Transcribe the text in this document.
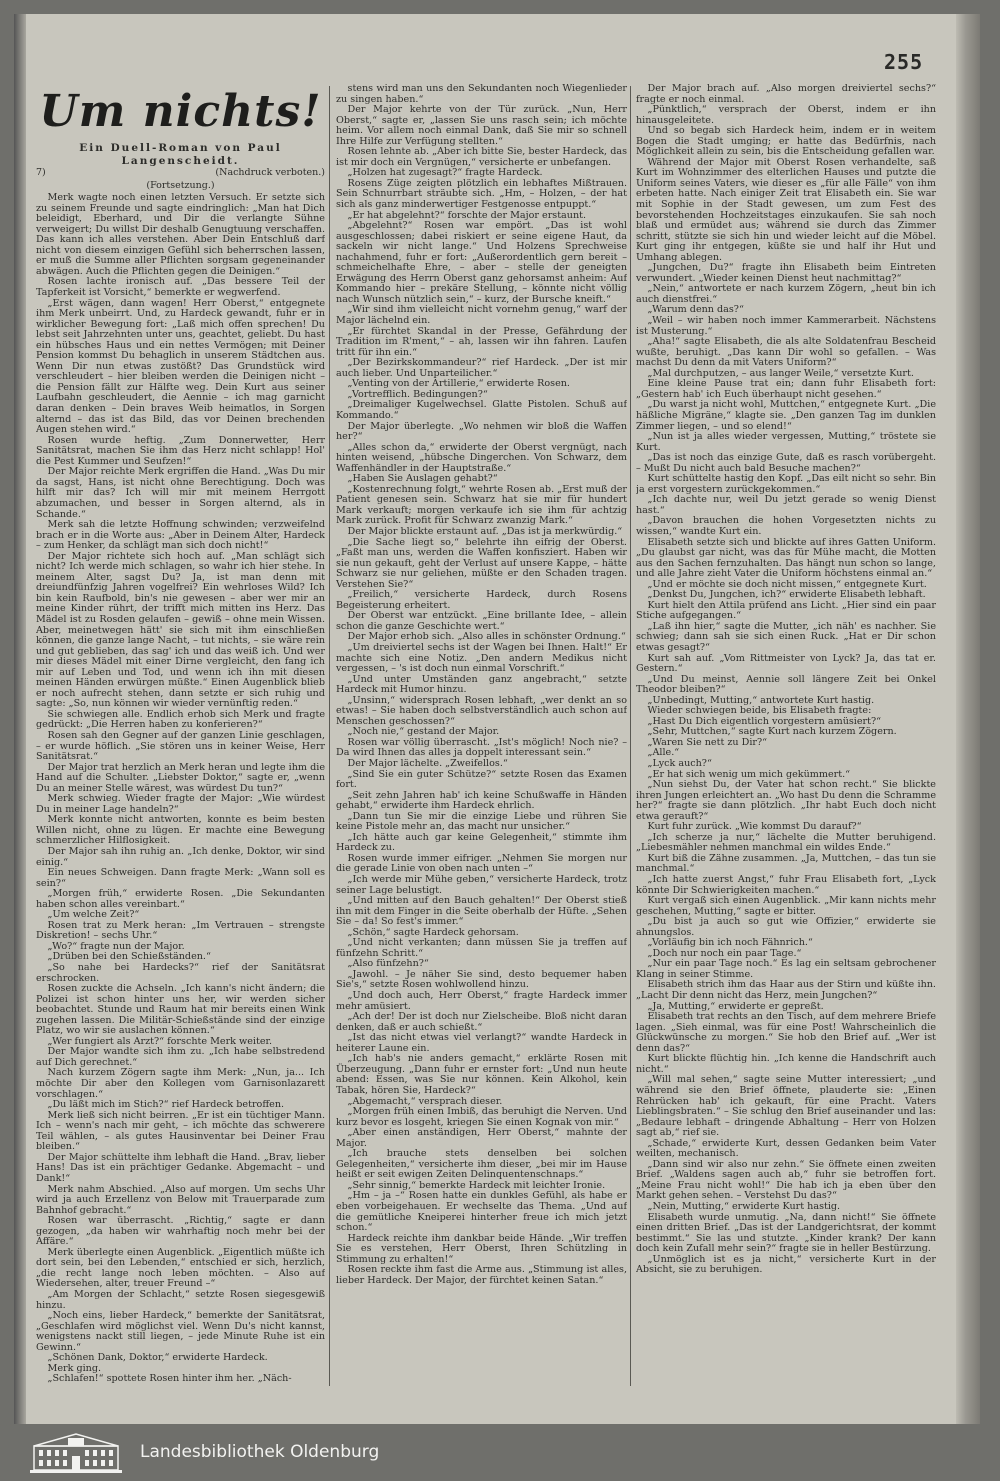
255
Um nichts!
Ein Duell-Roman von Paul Langenscheidt.
7)	(Nachdruck verboten.)
(Fortsetzung.)

Merk wagte noch einen letzten Versuch. Er setzte sich zu seinem Freunde und sagte eindringlich: „Man hat Dich beleidigt, Eberhard, und Dir die verlangte Sühne verweigert; Du willst Dir deshalb Genugtuung verschaffen. Das kann ich alles verstehen. Aber Dein Entschluß darf nicht von diesem einzigen Gefühl sich beherrschen lassen, er muß die Summe aller Pflichten sorgsam gegeneinander abwägen. Auch die Pflichten gegen die Deinigen.“

Rosen lachte ironisch auf. „Das bessere Teil der Tapferkeit ist Vorsicht,“ bemerkte er wegwerfend.

„Erst wägen, dann wagen! Herr Oberst,“ entgegnete ihm Merk unbeirrt. Und, zu Hardeck gewandt, fuhr er in wirklicher Bewegung fort: „Laß mich offen sprechen! Du lebst seit Jahrzehnten unter uns, geachtet, geliebt. Du hast ein hübsches Haus und ein nettes Vermögen; mit Deiner Pension kommst Du behaglich in unserem Städtchen aus. Wenn Dir nun etwas zustößt? Das Grundstück wird verschleudert – hier bleiben werden die Deinigen nicht – die Pension fällt zur Hälfte weg. Dein Kurt aus seiner Laufbahn geschleudert, die Aennie – ich mag garnicht daran denken – Dein braves Weib heimatlos, in Sorgen alternd – das ist das Bild, das vor Deinen brechenden Augen stehen wird.“

Rosen wurde heftig. „Zum Donnerwetter, Herr Sanitätsrat, machen Sie ihm das Herz nicht schlapp! Hol' die Pest Kummer und Seufzen!“

Der Major reichte Merk ergriffen die Hand. „Was Du mir da sagst, Hans, ist nicht ohne Berechtigung. Doch was hilft mir das? Ich will mir mit meinem Herrgott abzumachen, und besser in Sorgen alternd, als in Schande.“

Merk sah die letzte Hoffnung schwinden; verzweifelnd brach er in die Worte aus: „Aber in Deinem Alter, Hardeck – zum Henker, da schlägt man sich doch nicht!“

Der Major richtete sich hoch auf. „Man schlägt sich nicht? Ich werde mich schlagen, so wahr ich hier stehe. In meinem Alter, sagst Du? Ja, ist man denn mit dreiundfünfzig Jahren vogelfrei? Ein wehrloses Wild? Ich bin kein Raufbold, bin's nie gewesen – aber wer mir an meine Kinder rührt, der trifft mich mitten ins Herz. Das Mädel ist zu Rosden gelaufen – gewiß – ohne mein Wissen. Aber, meinetwegen hätt' sie sich mit ihm einschließen können, die ganze lange Nacht, – tut nichts, – sie wäre rein und gut geblieben, das sag' ich und das weiß ich. Und wer mir dieses Mädel mit einer Dirne vergleicht, den fang ich mir auf Leben und Tod, und wenn ich ihn mit diesen meinen Händen erwürgen müßte.“ Einen Augenblick blieb er noch aufrecht stehen, dann setzte er sich ruhig und sagte: „So, nun können wir wieder vernünftig reden.“

Sie schwiegen alle. Endlich erhob sich Merk und fragte gedrückt: „Die Herren haben zu konferieren?“

Rosen sah den Gegner auf der ganzen Linie geschlagen, – er wurde höflich. „Sie stören uns in keiner Weise, Herr Sanitätsrat.“

Der Major trat herzlich an Merk heran und legte ihm die Hand auf die Schulter. „Liebster Doktor,“ sagte er, „wenn Du an meiner Stelle wärest, was würdest Du tun?“

Merk schwieg. Wieder fragte der Major: „Wie würdest Du in meiner Lage handeln?“

Merk konnte nicht antworten, konnte es beim besten Willen nicht, ohne zu lügen. Er machte eine Bewegung schmerzlicher Hilflosigkeit.

Der Major sah ihn ruhig an. „Ich denke, Doktor, wir sind einig.“

Ein neues Schweigen. Dann fragte Merk: „Wann soll es sein?“

„Morgen früh,“ erwiderte Rosen. „Die Sekundanten haben schon alles vereinbart.“

„Um welche Zeit?“

Rosen trat zu Merk heran: „Im Vertrauen – strengste Diskretion! – sechs Uhr.“

„Wo?“ fragte nun der Major.

„Drüben bei den Schießständen.“

„So nahe bei Hardecks?“ rief der Sanitätsrat erschrocken.

Rosen zuckte die Achseln. „Ich kann's nicht ändern; die Polizei ist schon hinter uns her, wir werden sicher beobachtet. Stunde und Raum hat mir bereits einen Wink zugehen lassen. Die Militär-Schießstände sind der einzige Platz, wo wir sie auslachen können.“

„Wer fungiert als Arzt?“ forschte Merk weiter.

Der Major wandte sich ihm zu. „Ich habe selbstredend auf Dich gerechnet.“

Nach kurzem Zögern sagte ihm Merk: „Nun, ja... Ich möchte Dir aber den Kollegen vom Garnisonlazarett vorschlagen.“

„Du läßt mich im Stich?“ rief Hardeck betroffen.

Merk ließ sich nicht beirren. „Er ist ein tüchtiger Mann. Ich – wenn's nach mir geht, – ich möchte das schwerere Teil wählen, – als gutes Hausinventar bei Deiner Frau bleiben.“

Der Major schüttelte ihm lebhaft die Hand. „Brav, lieber Hans! Das ist ein prächtiger Gedanke. Abgemacht – und Dank!“

Merk nahm Abschied. „Also auf morgen. Um sechs Uhr wird ja auch Erzellenz von Below mit Trauerparade zum Bahnhof gebracht.“

Rosen war überrascht. „Richtig,“ sagte er dann gezogen, „da haben wir wahrhaftig noch mehr bei der Affäre.“

Merk überlegte einen Augenblick. „Eigentlich müßte ich dort sein, bei den Lebenden,“ entschied er sich, herzlich, „die recht lange noch leben möchten. – Also auf Wiedersehen, alter, treuer Freund –“

„Am Morgen der Schlacht,“ setzte Rosen siegesgewiß hinzu.

„Noch eins, lieber Hardeck,“ bemerkte der Sanitätsrat, „Geschlafen wird möglichst viel. Wenn Du's nicht kannst, wenigstens nackt still liegen, – jede Minute Ruhe ist ein Gewinn.“

„Schönen Dank, Doktor,“ erwiderte Hardeck.

Merk ging.

„Schlafen!“ spottete Rosen hinter ihm her. „Näch-

stens wird man uns den Sekundanten noch Wiegenlieder zu singen haben.“

Der Major kehrte von der Tür zurück. „Nun, Herr Oberst,“ sagte er, „lassen Sie uns rasch sein; ich möchte heim. Vor allem noch einmal Dank, daß Sie mir so schnell Ihre Hilfe zur Verfügung stellten.“

Rosen lehnte ab. „Aber ich bitte Sie, bester Hardeck, das ist mir doch ein Vergnügen,“ versicherte er unbefangen.

„Holzen hat zugesagt?“ fragte Hardeck.

Rosens Züge zeigten plötzlich ein lebhaftes Mißtrauen. Sein Schnurrbart sträubte sich. „Hm, – Holzen, – der hat sich als ganz minderwertiger Festgenosse entpuppt.“

„Er hat abgelehnt?“ forschte der Major erstaunt.

„Abgelehnt?“ Rosen war empört. „Das ist wohl ausgeschlossen; dabei riskiert er seine eigene Haut, da sackeln wir nicht lange.“ Und Holzens Sprechweise nachahmend, fuhr er fort: „Außerordentlich gern bereit – schmeichelhafte Ehre, – aber – stelle der geneigten Erwägung des Herrn Oberst ganz gehorsamst anheim: Auf Kommando hier – prekäre Stellung, – könnte nicht völlig nach Wunsch nützlich sein,“ – kurz, der Bursche kneift.“

„Wir sind ihm vielleicht nicht vornehm genug,“ warf der Major lächelnd ein.

„Er fürchtet Skandal in der Presse, Gefährdung der Tradition im R'ment,“ – ah, lassen wir ihn fahren. Laufen tritt für ihn ein.“

„Der Bezirkskommandeur?“ rief Hardeck. „Der ist mir auch lieber. Und Unparteilicher.“

„Venting von der Artillerie,“ erwiderte Rosen.

„Vortrefflich. Bedingungen?“

„Dreimaliger Kugelwechsel. Glatte Pistolen. Schuß auf Kommando.“

Der Major überlegte. „Wo nehmen wir bloß die Waffen her?“

„Alles schon da,“ erwiderte der Oberst vergnügt, nach hinten weisend, „hübsche Dingerchen. Von Schwarz, dem Waffenhändler in der Hauptstraße.“

„Haben Sie Auslagen gehabt?“

„Kostenrechnung folgt,“ wehrte Rosen ab. „Erst muß der Patient genesen sein. Schwarz hat sie mir für hundert Mark verkauft; morgen verkaufe ich sie ihm für achtzig Mark zurück. Profit für Schwarz zwanzig Mark.“

Der Major blickte erstaunt auf. „Das ist ja merkwürdig.“

„Die Sache liegt so,“ belehrte ihn eifrig der Oberst. „Faßt man uns, werden die Waffen konfisziert. Haben wir sie nun gekauft, geht der Verlust auf unsere Kappe, – hätte Schwarz sie nur geliehen, müßte er den Schaden tragen. Verstehen Sie?“

„Freilich,“ versicherte Hardeck, durch Rosens Begeisterung erheitert.

Der Oberst war entzückt. „Eine brillante Idee, – allein schon die ganze Geschichte wert.“

Der Major erhob sich. „Also alles in schönster Ordnung.“

„Um dreiviertel sechs ist der Wagen bei Ihnen. Halt!“ Er machte sich eine Notiz. „Den andern Medikus nicht vergessen, – 's ist doch nun einmal Vorschrift.“

„Und unter Umständen ganz angebracht,“ setzte Hardeck mit Humor hinzu.

„Unsinn,“ widersprach Rosen lebhaft, „wer denkt an so etwas! – Sie haben doch selbstverständlich auch schon auf Menschen geschossen?“

„Noch nie,“ gestand der Major.

Rosen war völlig überrascht. „Ist's möglich! Noch nie? – Da wird Ihnen das alles ja doppelt interessant sein.“

Der Major lächelte. „Zweifellos.“

„Sind Sie ein guter Schütze?“ setzte Rosen das Examen fort.

„Seit zehn Jahren hab' ich keine Schußwaffe in Händen gehabt,“ erwiderte ihm Hardeck ehrlich.

„Dann tun Sie mir die einzige Liebe und rühren Sie keine Pistole mehr an, das macht nur unsicher.“

„Ich hätte auch gar keine Gelegenheit,“ stimmte ihm Hardeck zu.

Rosen wurde immer eifriger. „Nehmen Sie morgen nur die gerade Linie von oben nach unten –“

„Ich werde mir Mühe geben,“ versicherte Hardeck, trotz seiner Lage belustigt.

„Und mitten auf den Bauch gehalten!“ Der Oberst stieß ihn mit dem Finger in die Seite oberhalb der Hüfte. „Sehen Sie – da! So fest's immer.“

„Schön,“ sagte Hardeck gehorsam.

„Und nicht verkanten; dann müssen Sie ja treffen auf fünfzehn Schritt.“

„Also fünfzehn?“

„Jawohl. – Je näher Sie sind, desto bequemer haben Sie's,“ setzte Rosen wohlwollend hinzu.

„Und doch auch, Herr Oberst,“ fragte Hardeck immer mehr amüsiert.

„Ach der! Der ist doch nur Zielscheibe. Bloß nicht daran denken, daß er auch schießt.“

„Ist das nicht etwas viel verlangt?“ wandte Hardeck in heiterer Laune ein.

„Ich hab's nie anders gemacht,“ erklärte Rosen mit Überzeugung. „Dann fuhr er ernster fort: „Und nun heute abend: Essen, was Sie nur können. Kein Alkohol, kein Tabak, hören Sie, Hardeck?“

„Abgemacht,“ versprach dieser.

„Morgen früh einen Imbiß, das beruhigt die Nerven. Und kurz bevor es losgeht, kriegen Sie einen Kognak von mir.“

„Aber einen anständigen, Herr Oberst,“ mahnte der Major.

„Ich brauche stets denselben bei solchen Gelegenheiten,“ versicherte ihm dieser, „bei mir im Hause heißt er seit ewigen Zeiten Delinquentenschnaps.“

„Sehr sinnig,“ bemerkte Hardeck mit leichter Ironie.

„Hm – ja –“ Rosen hatte ein dunkles Gefühl, als habe er eben vorbeigehauen. Er wechselte das Thema. „Und auf die gemütliche Kneiperei hinterher freue ich mich jetzt schon.“

Hardeck reichte ihm dankbar beide Hände. „Wir treffen Sie es verstehen, Herr Oberst, Ihren Schützling in Stimmung zu erhalten!“

Rosen reckte ihm fast die Arme aus. „Stimmung ist alles, lieber Hardeck. Der Major, der fürchtet keinen Satan.“

Der Major brach auf. „Also morgen dreiviertel sechs?“ fragte er noch einmal.

„Pünktlich,“ versprach der Oberst, indem er ihn hinausgeleitete.

Und so begab sich Hardeck heim, indem er in weitem Bogen die Stadt umging; er hatte das Bedürfnis, nach Möglichkeit allein zu sein, bis die Entscheidung gefallen war.

Während der Major mit Oberst Rosen verhandelte, saß Kurt im Wohnzimmer des elterlichen Hauses und putzte die Uniform seines Vaters, wie dieser es „für alle Fälle“ von ihm erbeten hatte. Nach einiger Zeit trat Elisabeth ein. Sie war mit Sophie in der Stadt gewesen, um zum Fest des bevorstehenden Hochzeitstages einzukaufen. Sie sah noch blaß und ermüdet aus; während sie durch das Zimmer schritt, stützte sie sich hin und wieder leicht auf die Möbel. Kurt ging ihr entgegen, küßte sie und half ihr Hut und Umhang ablegen.

„Jungchen, Du?“ fragte ihn Elisabeth beim Eintreten verwundert. „Wieder keinen Dienst heut nachmittag?“

„Nein,“ antwortete er nach kurzem Zögern, „heut bin ich auch dienstfrei.“

„Warum denn das?“

„Weil – wir haben noch immer Kammerarbeit. Nächstens ist Musterung.“

„Aha!“ sagte Elisabeth, die als alte Soldatenfrau Bescheid wußte, beruhigt. „Das kann Dir wohl so gefallen. – Was machst Du denn da mit Vaters Uniform?“

„Mal durchputzen, – aus langer Weile,“ versetzte Kurt.

Eine kleine Pause trat ein; dann fuhr Elisabeth fort: „Gestern hab' ich Euch überhaupt nicht gesehen.“

„Du warst ja nicht wohl, Muttchen,“ entgegnete Kurt. „Die häßliche Migräne,“ klagte sie. „Den ganzen Tag im dunklen Zimmer liegen, – und so elend!“

„Nun ist ja alles wieder vergessen, Mutting,“ tröstete sie Kurt.

„Das ist noch das einzige Gute, daß es rasch vorübergeht. – Mußt Du nicht auch bald Besuche machen?“

Kurt schüttelte hastig den Kopf. „Das eilt nicht so sehr. Bin ja erst vorgestern zurückgekommen.“

„Ich dachte nur, weil Du jetzt gerade so wenig Dienst hast.“

„Davon brauchen die hohen Vorgesetzten nichts zu wissen,“ wandte Kurt ein.

Elisabeth setzte sich und blickte auf ihres Gatten Uniform. „Du glaubst gar nicht, was das für Mühe macht, die Motten aus den Sachen fernzuhalten. Das hängt nun schon so lange, und alle Jahre zieht Vater die Uniform höchstens einmal an.“

„Und er möchte sie doch nicht missen,“ entgegnete Kurt.

„Denkst Du, Jungchen, ich?“ erwiderte Elisabeth lebhaft.

Kurt hielt den Attila prüfend ans Licht. „Hier sind ein paar Stiche aufgegangen.“

„Laß ihn hier,“ sagte die Mutter, „ich näh' es nachher. Sie schwieg; dann sah sie sich einen Ruck. „Hat er Dir schon etwas gesagt?“

Kurt sah auf. „Vom Rittmeister von Lyck? Ja, das tat er. Gestern.“

„Und Du meinst, Aennie soll längere Zeit bei Onkel Theodor bleiben?“

„Unbedingt, Mutting,“ antwortete Kurt hastig.

Wieder schwiegen beide, bis Elisabeth fragte:

„Hast Du Dich eigentlich vorgestern amüsiert?“

„Sehr, Muttchen,“ sagte Kurt nach kurzem Zögern.

„Waren Sie nett zu Dir?“

„Alle.“

„Lyck auch?“

„Er hat sich wenig um mich gekümmert.“

„Nun siehst Du, der Vater hat schon recht.“ Sie blickte ihren Jungen erleichtert an. „Wo hast Du denn die Schramme her?“ fragte sie dann plötzlich. „Ihr habt Euch doch nicht etwa gerauft?“

Kurt fuhr zurück. „Wie kommst Du darauf?“

„Ich scherze ja nur,“ lächelte die Mutter beruhigend. „Liebesmähler nehmen manchmal ein wildes Ende.“

Kurt biß die Zähne zusammen. „Ja, Muttchen, – das tun sie manchmal.“

„Ich hatte zuerst Angst,“ fuhr Frau Elisabeth fort, „Lyck könnte Dir Schwierigkeiten machen.“

Kurt vergaß sich einen Augenblick. „Mir kann nichts mehr geschehen, Mutting,“ sagte er bitter.

„Du bist ja auch so gut wie Offizier,“ erwiderte sie ahnungslos.

„Vorläufig bin ich noch Fähnrich.“

„Doch nur noch ein paar Tage.“

„Nur ein paar Tage noch.“ Es lag ein seltsam gebrochener Klang in seiner Stimme.

Elisabeth strich ihm das Haar aus der Stirn und küßte ihn. „Lacht Dir denn nicht das Herz, mein Jungchen?“

„Ja, Mutting,“ erwiderte er gepreßt.

Elisabeth trat rechts an den Tisch, auf dem mehrere Briefe lagen. „Sieh einmal, was für eine Post! Wahrscheinlich die Glückwünsche zu morgen.“ Sie hob den Brief auf. „Wer ist denn das?“

Kurt blickte flüchtig hin. „Ich kenne die Handschrift auch nicht.“

„Will mal sehen,“ sagte seine Mutter interessiert; „und während sie den Brief öffnete, plauderte sie: „Einen Rehrücken hab' ich gekauft, für eine Pracht. Vaters Lieblingsbraten.“ – Sie schlug den Brief auseinander und las: „Bedaure lebhaft – dringende Abhaltung – Herr von Holzen sagt ab,“ rief sie.

„Schade,“ erwiderte Kurt, dessen Gedanken beim Vater weilten, mechanisch.

„Dann sind wir also nur zehn.“ Sie öffnete einen zweiten Brief. „Waldens sagen auch ab,“ fuhr sie betroffen fort. „Meine Frau nicht wohl!“ Die hab ich ja eben über den Markt gehen sehen. – Verstehst Du das?“

„Nein, Mutting,“ erwiderte Kurt hastig.

Elisabeth wurde unmutig. „Na, dann nicht!“ Sie öffnete einen dritten Brief. „Das ist der Landgerichtsrat, der kommt bestimmt.“ Sie las und stutzte. „Kinder krank? Der kann doch kein Zufall mehr sein?“ fragte sie in heller Bestürzung.

„Unmöglich ist es ja nicht,“ versicherte Kurt in der Absicht, sie zu beruhigen.

Landesbibliothek Oldenburg
